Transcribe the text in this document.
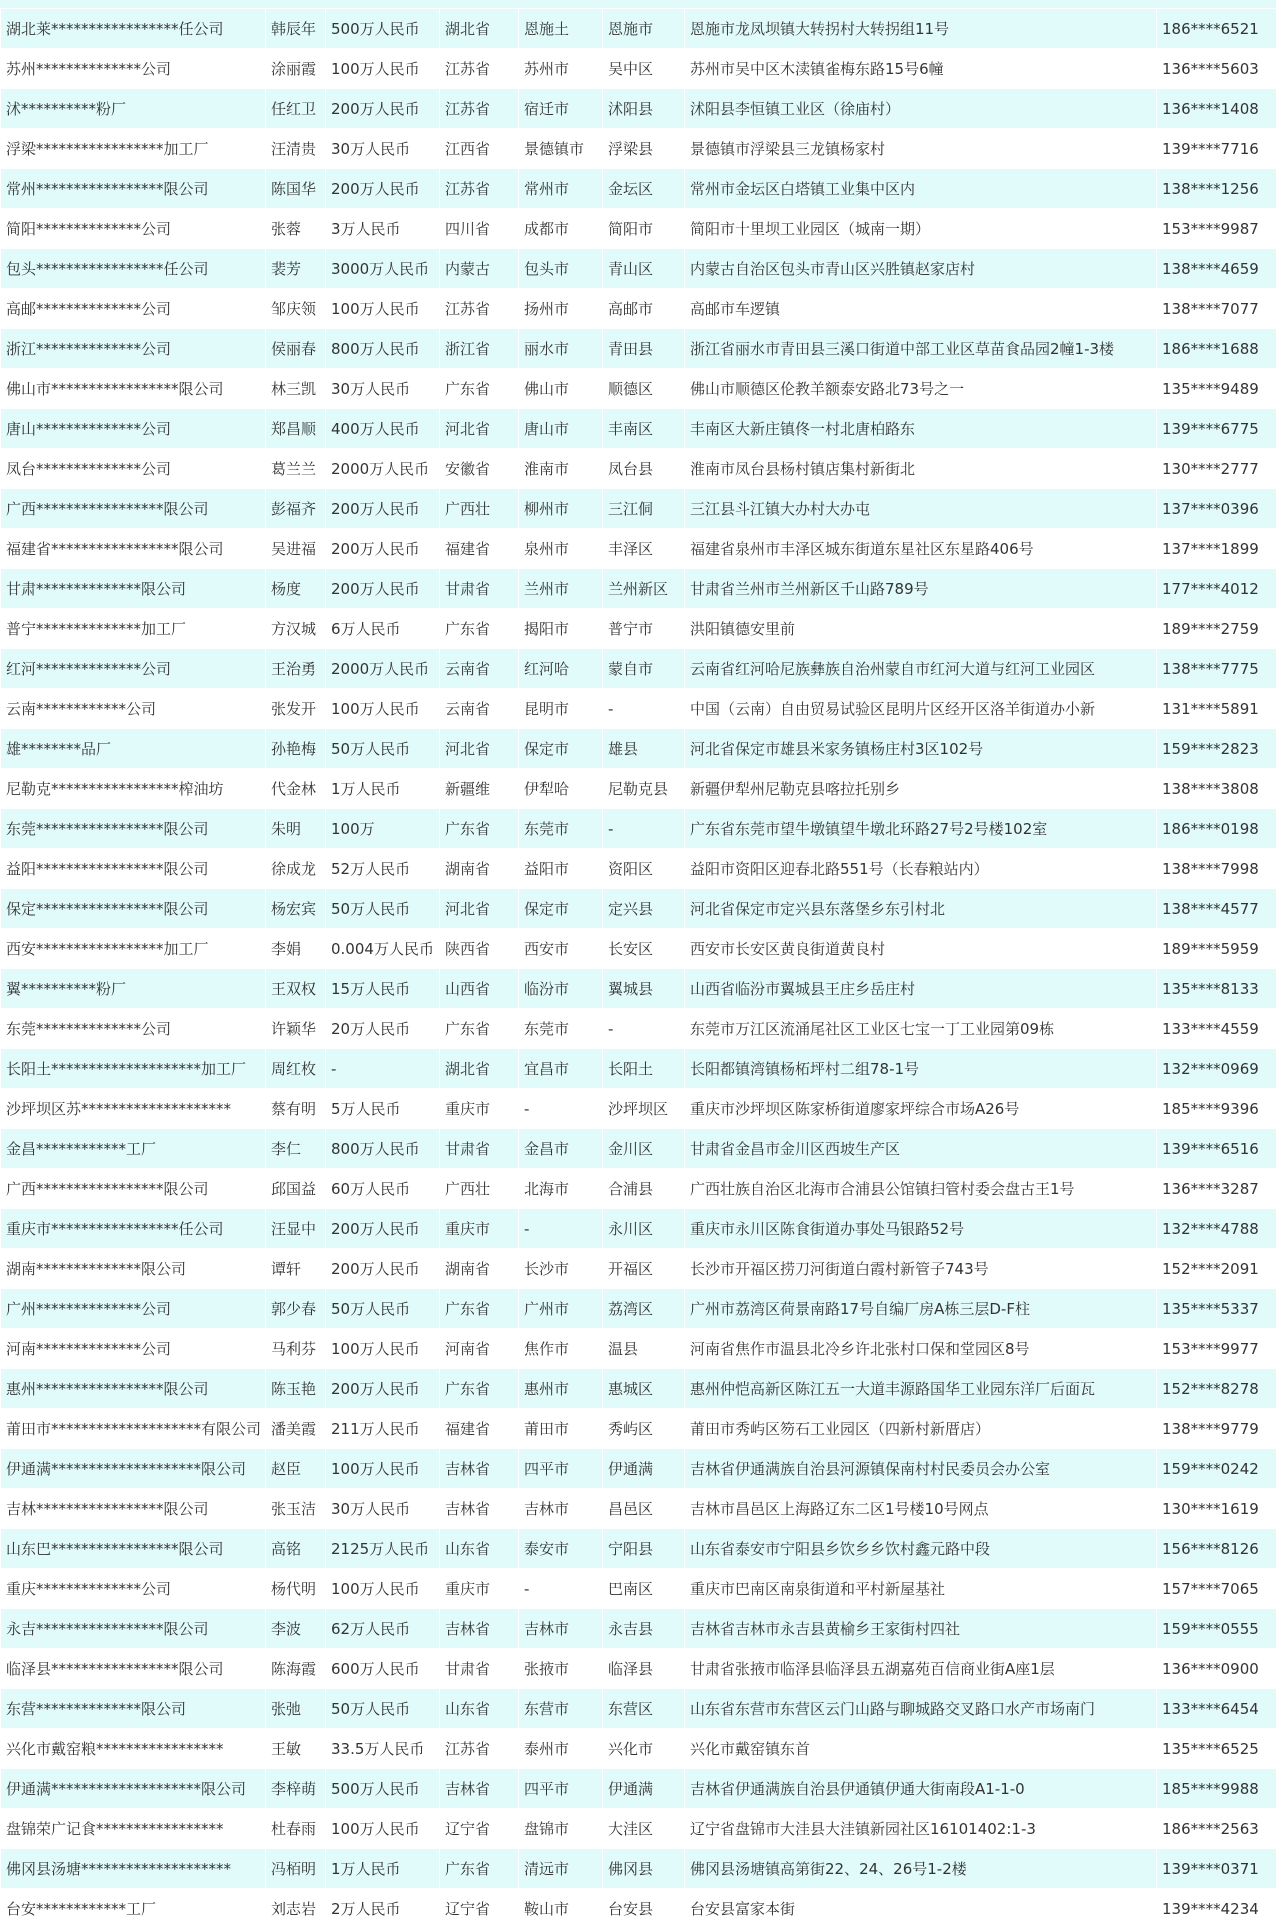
湖北莱*****************任公司	韩辰年	500万人民币	湖北省	恩施土	恩施市	恩施市龙凤坝镇大转拐村大转拐组11号	186****6521
苏州**************公司	涂丽霞	100万人民币	江苏省	苏州市	吴中区	苏州市吴中区木渎镇雀梅东路15号6幢	136****5603
沭**********粉厂	任红卫	200万人民币	江苏省	宿迁市	沭阳县	沭阳县李恒镇工业区（徐庙村）	136****1408
浮梁*****************加工厂	汪清贵	30万人民币	江西省	景德镇市	浮梁县	景德镇市浮梁县三龙镇杨家村	139****7716
常州*****************限公司	陈国华	200万人民币	江苏省	常州市	金坛区	常州市金坛区白塔镇工业集中区内	138****1256
简阳**************公司	张蓉	3万人民币	四川省	成都市	简阳市	简阳市十里坝工业园区（城南一期）	153****9987
包头*****************任公司	裴芳	3000万人民币	内蒙古	包头市	青山区	内蒙古自治区包头市青山区兴胜镇赵家店村	138****4659
高邮**************公司	邹庆领	100万人民币	江苏省	扬州市	高邮市	高邮市车逻镇	138****7077
浙江**************公司	侯丽春	800万人民币	浙江省	丽水市	青田县	浙江省丽水市青田县三溪口街道中部工业区草苗食品园2幢1-3楼	186****1688
佛山市*****************限公司	林三凯	30万人民币	广东省	佛山市	顺德区	佛山市顺德区伦教羊额泰安路北73号之一	135****9489
唐山**************公司	郑昌顺	400万人民币	河北省	唐山市	丰南区	丰南区大新庄镇佟一村北唐柏路东	139****6775
凤台**************公司	葛兰兰	2000万人民币	安徽省	淮南市	凤台县	淮南市凤台县杨村镇店集村新街北	130****2777
广西*****************限公司	彭福齐	200万人民币	广西壮	柳州市	三江侗	三江县斗江镇大办村大办屯	137****0396
福建省*****************限公司	吴进福	200万人民币	福建省	泉州市	丰泽区	福建省泉州市丰泽区城东街道东星社区东星路406号	137****1899
甘肃**************限公司	杨度	200万人民币	甘肃省	兰州市	兰州新区	甘肃省兰州市兰州新区千山路789号	177****4012
普宁**************加工厂	方汉城	6万人民币	广东省	揭阳市	普宁市	洪阳镇德安里前	189****2759
红河**************公司	王治勇	2000万人民币	云南省	红河哈	蒙自市	云南省红河哈尼族彝族自治州蒙自市红河大道与红河工业园区	138****7775
云南************公司	张发开	100万人民币	云南省	昆明市	-	中国（云南）自由贸易试验区昆明片区经开区洛羊街道办小新	131****5891
雄********品厂	孙艳梅	50万人民币	河北省	保定市	雄县	河北省保定市雄县米家务镇杨庄村3区102号	159****2823
尼勒克*****************榨油坊	代金林	1万人民币	新疆维	伊犁哈	尼勒克县	新疆伊犁州尼勒克县喀拉托别乡	138****3808
东莞*****************限公司	朱明	100万	广东省	东莞市	-	广东省东莞市望牛墩镇望牛墩北环路27号2号楼102室	186****0198
益阳*****************限公司	徐成龙	52万人民币	湖南省	益阳市	资阳区	益阳市资阳区迎春北路551号（长春粮站内）	138****7998
保定*****************限公司	杨宏宾	50万人民币	河北省	保定市	定兴县	河北省保定市定兴县东落堡乡东引村北	138****4577
西安*****************加工厂	李娟	0.004万人民币	陕西省	西安市	长安区	西安市长安区黄良街道黄良村	189****5959
翼**********粉厂	王双权	15万人民币	山西省	临汾市	翼城县	山西省临汾市翼城县王庄乡岳庄村	135****8133
东莞**************公司	许颖华	20万人民币	广东省	东莞市	-	东莞市万江区流涌尾社区工业区七宝一丁工业园第09栋	133****4559
长阳土********************加工厂	周红枚	-	湖北省	宜昌市	长阳土	长阳都镇湾镇杨柘坪村二组78-1号	132****0969
沙坪坝区苏********************	蔡有明	5万人民币	重庆市	-	沙坪坝区	重庆市沙坪坝区陈家桥街道廖家坪综合市场A26号	185****9396
金昌************工厂	李仁	800万人民币	甘肃省	金昌市	金川区	甘肃省金昌市金川区西坡生产区	139****6516
广西*****************限公司	邱国益	60万人民币	广西壮	北海市	合浦县	广西壮族自治区北海市合浦县公馆镇扫管村委会盘古王1号	136****3287
重庆市*****************任公司	汪显中	200万人民币	重庆市	-	永川区	重庆市永川区陈食街道办事处马银路52号	132****4788
湖南**************限公司	谭轩	200万人民币	湖南省	长沙市	开福区	长沙市开福区捞刀河街道白霞村新管子743号	152****2091
广州**************公司	郭少春	50万人民币	广东省	广州市	荔湾区	广州市荔湾区荷景南路17号自编厂房A栋三层D-F柱	135****5337
河南**************公司	马利芬	100万人民币	河南省	焦作市	温县	河南省焦作市温县北冷乡许北张村口保和堂园区8号	153****9977
惠州*****************限公司	陈玉艳	200万人民币	广东省	惠州市	惠城区	惠州仲恺高新区陈江五一大道丰源路国华工业园东洋厂后面瓦	152****8278
莆田市********************有限公司	潘美霞	211万人民币	福建省	莆田市	秀屿区	莆田市秀屿区笏石工业园区（四新村新厝店）	138****9779
伊通满********************限公司	赵臣	100万人民币	吉林省	四平市	伊通满	吉林省伊通满族自治县河源镇保南村村民委员会办公室	159****0242
吉林*****************限公司	张玉洁	30万人民币	吉林省	吉林市	昌邑区	吉林市昌邑区上海路辽东二区1号楼10号网点	130****1619
山东巴*****************限公司	高铭	2125万人民币	山东省	泰安市	宁阳县	山东省泰安市宁阳县乡饮乡乡饮村鑫元路中段	156****8126
重庆**************公司	杨代明	100万人民币	重庆市	-	巴南区	重庆市巴南区南泉街道和平村新屋基社	157****7065
永吉*****************限公司	李波	62万人民币	吉林省	吉林市	永吉县	吉林省吉林市永吉县黄榆乡王家街村四社	159****0555
临泽县*****************限公司	陈海霞	600万人民币	甘肃省	张掖市	临泽县	甘肃省张掖市临泽县临泽县五湖嘉苑百信商业街A座1层	136****0900
东营**************限公司	张弛	50万人民币	山东省	东营市	东营区	山东省东营市东营区云门山路与聊城路交叉路口水产市场南门	133****6454
兴化市戴窑粮*****************	王敏	33.5万人民币	江苏省	泰州市	兴化市	兴化市戴窑镇东首	135****6525
伊通满********************限公司	李梓萌	500万人民币	吉林省	四平市	伊通满	吉林省伊通满族自治县伊通镇伊通大街南段A1-1-0	185****9988
盘锦荣广记食*****************	杜春雨	100万人民币	辽宁省	盘锦市	大洼区	辽宁省盘锦市大洼县大洼镇新园社区16101402:1-3	186****2563
佛冈县汤塘********************	冯栢明	1万人民币	广东省	清远市	佛冈县	佛冈县汤塘镇高第街22、24、26号1-2楼	139****0371
台安************工厂	刘志岩	2万人民币	辽宁省	鞍山市	台安县	台安县富家本街	139****4234
